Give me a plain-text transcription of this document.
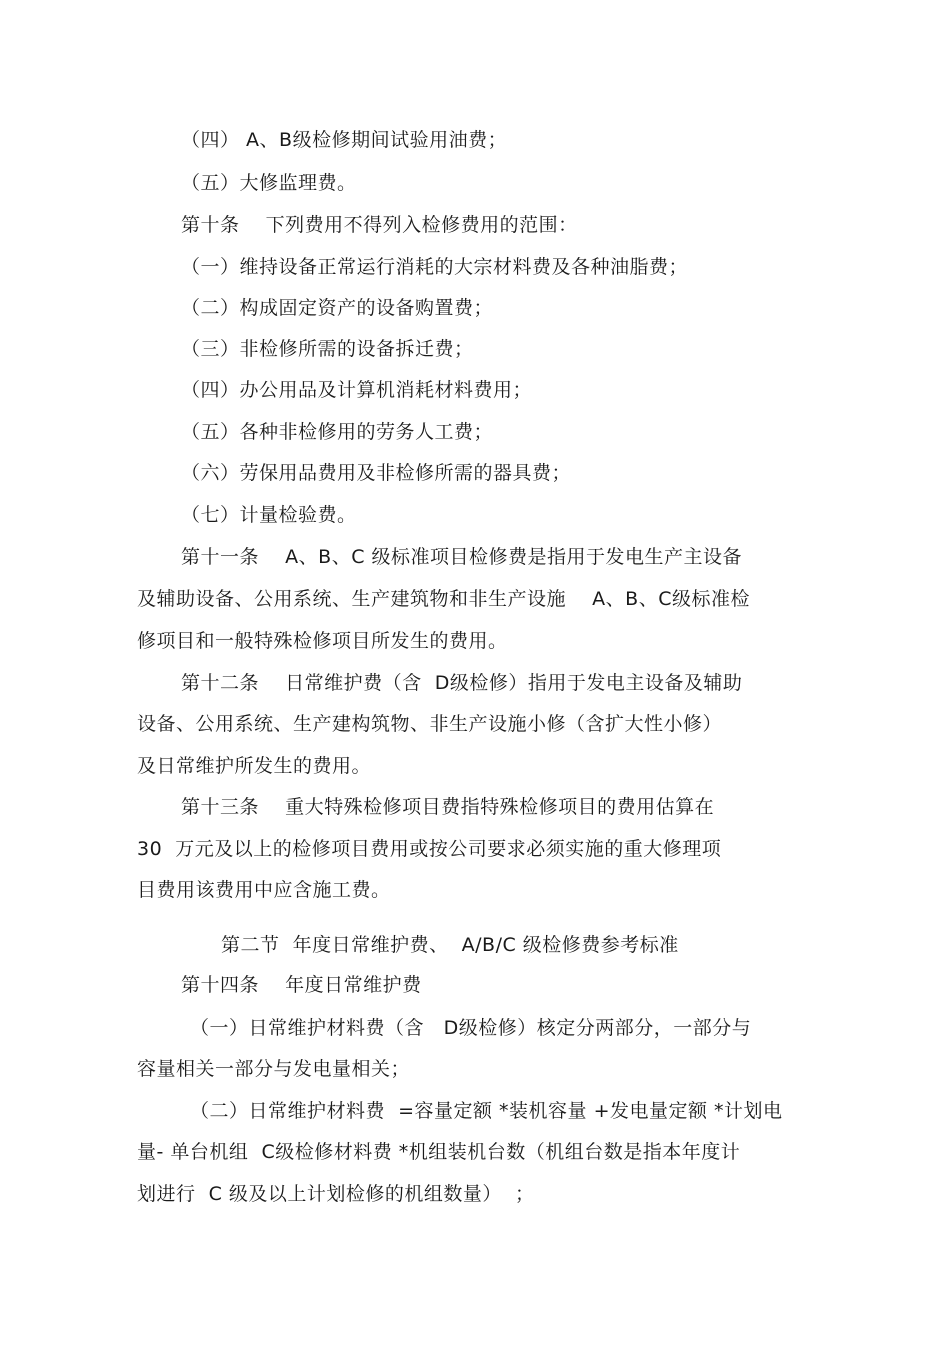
（四） A、B级检修期间试验用油费；
（五）大修监理费。
第十条    下列费用不得列入检修费用的范围：
（一）维持设备正常运行消耗的大宗材料费及各种油脂费；
（二）构成固定资产的设备购置费；
（三）非检修所需的设备拆迁费；
（四）办公用品及计算机消耗材料费用；
（五）各种非检修用的劳务人工费；
（六）劳保用品费用及非检修所需的器具费；
（七）计量检验费。
第十一条    A、B、C 级标准项目检修费是指用于发电生产主设备
及辅助设备、公用系统、生产建筑物和非生产设施    A、B、C级标准检
修项目和一般特殊检修项目所发生的费用。
第十二条    日常维护费（含  D级检修）指用于发电主设备及辅助
设备、公用系统、生产建构筑物、非生产设施小修（含扩大性小修）
及日常维护所发生的费用。
第十三条    重大特殊检修项目费指特殊检修项目的费用估算在
30  万元及以上的检修项目费用或按公司要求必须实施的重大修理项
目费用该费用中应含施工费。
第二节  年度日常维护费、  A/B/C 级检修费参考标准
第十四条    年度日常维护费
（一）日常维护材料费（含   D级检修）核定分两部分，一部分与
容量相关一部分与发电量相关；
（二）日常维护材料费  =容量定额 *装机容量 +发电量定额 *计划电
量- 单台机组  C级检修材料费 *机组装机台数（机组台数是指本年度计
划进行  C 级及以上计划检修的机组数量）  ；
